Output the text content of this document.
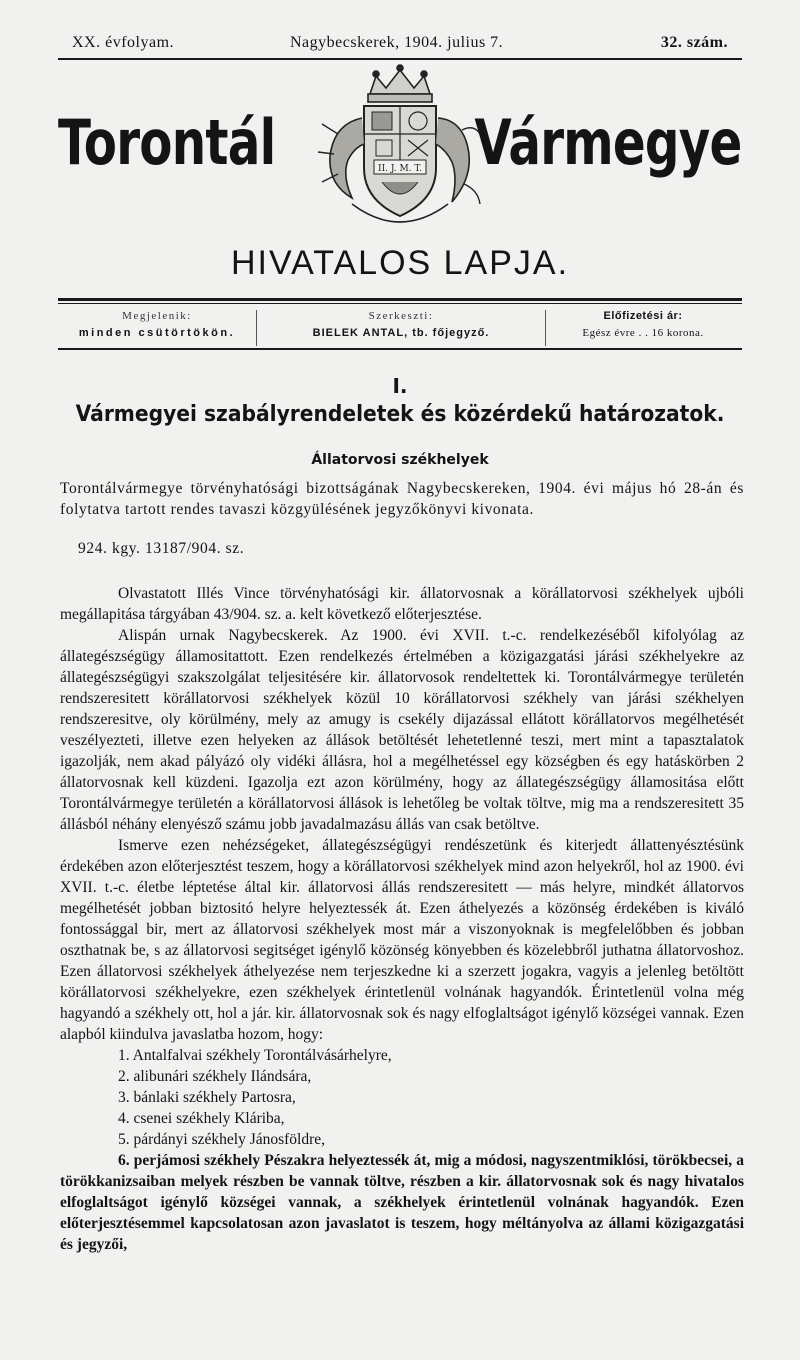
XX. évfolyam.	Nagybecskerek, 1904. julius 7.	32. szám.
Torontál	II. J. M. T. Vármegye
HIVATALOS LAPJA.
Megjelenik:
minden csütörtökön.
Szerkeszti:
BIELEK ANTAL, tb. főjegyző.
Előfizetési ár:
Egész évre . . 16 korona.
I.
Vármegyei szabályrendeletek és közérdekű határozatok.
Állatorvosi székhelyek

Torontálvármegye törvényhatósági bizottságának Nagybecskereken, 1904. évi május hó 28-án és folytatva tartott rendes tavaszi közgyülésének jegyzőkönyvi kivonata.

924. kgy. 13187/904. sz.

Olvastatott Illés Vince törvényhatósági kir. állatorvosnak a körállatorvosi székhelyek ujbóli megállapitása tárgyában 43/904. sz. a. kelt következő előterjesztése.

Alispán urnak Nagybecskerek. Az 1900. évi XVII. t.-c. rendelkezéséből kifolyólag az állategészségügy államositattott. Ezen rendelkezés értelmében a közigazgatási járási székhelyekre az állategészségügyi szakszolgálat teljesitésére kir. állatorvosok rendeltettek ki. Torontálvármegye területén rendszeresitett körállatorvosi székhelyek közül 10 körállatorvosi székhely van járási székhelyen rendszeresitve, oly körülmény, mely az amugy is csekély dijazással ellátott körállatorvos megélhetését veszélyezteti, illetve ezen helyeken az állások betöltését lehetetlenné teszi, mert mint a tapasztalatok igazolják, nem akad pályázó oly vidéki állásra, hol a megélhetéssel egy községben és egy hatáskörben 2 állatorvosnak kell küzdeni. Igazolja ezt azon körülmény, hogy az állategészségügy államositása előtt Torontálvármegye területén a körállatorvosi állások is lehetőleg be voltak töltve, mig ma a rendszeresitett 35 állásból néhány elenyésző számu jobb javadalmazásu állás van csak betöltve.

Ismerve ezen nehézségeket, állategészségügyi rendészetünk és kiterjedt állattenyésztésünk érdekében azon előterjesztést teszem, hogy a körállatorvosi székhelyek mind azon helyekről, hol az 1900. évi XVII. t.-c. életbe léptetése által kir. állatorvosi állás rendszeresitett — más helyre, mindkét állatorvos megélhetését jobban biztositó helyre helyeztessék át. Ezen áthelyezés a közönség érdekében is kiváló fontossággal bir, mert az állatorvosi székhelyek most már a viszonyoknak is megfelelőbben és jobban oszthatnak be, s az állatorvosi segitséget igénylő közönség könyebben és közelebbről juthatna állatorvoshoz. Ezen állatorvosi székhelyek áthelyezése nem terjeszkedne ki a szerzett jogakra, vagyis a jelenleg betöltött körállatorvosi székhelyekre, ezen székhelyek érintetlenül volnának hagyandók. Érintetlenül volna még hagyandó a székhely ott, hol a jár. kir. állatorvosnak sok és nagy elfoglaltságot igénylő községei vannak. Ezen alapból kiindulva javaslatba hozom, hogy:

1. Antalfalvai székhely Torontálvásárhelyre,
2. alibunári székhely Ilándsára,
3. bánlaki székhely Partosra,
4. csenei székhely Kláriba,
5. párdányi székhely Jánosföldre,

6. perjámosi székhely Pészakra helyeztessék át, mig a módosi, nagyszentmiklósi, törökbecsei, a törökkanizsaiban melyek részben be vannak töltve, részben a kir. állatorvosnak sok és nagy hivatalos elfoglaltságot igénylő községei vannak, a székhelyek érintetlenül volnának hagyandók. Ezen előterjesztésemmel kapcsolatosan azon javaslatot is teszem, hogy méltányolva az állami közigazgatási és jegyzői,
